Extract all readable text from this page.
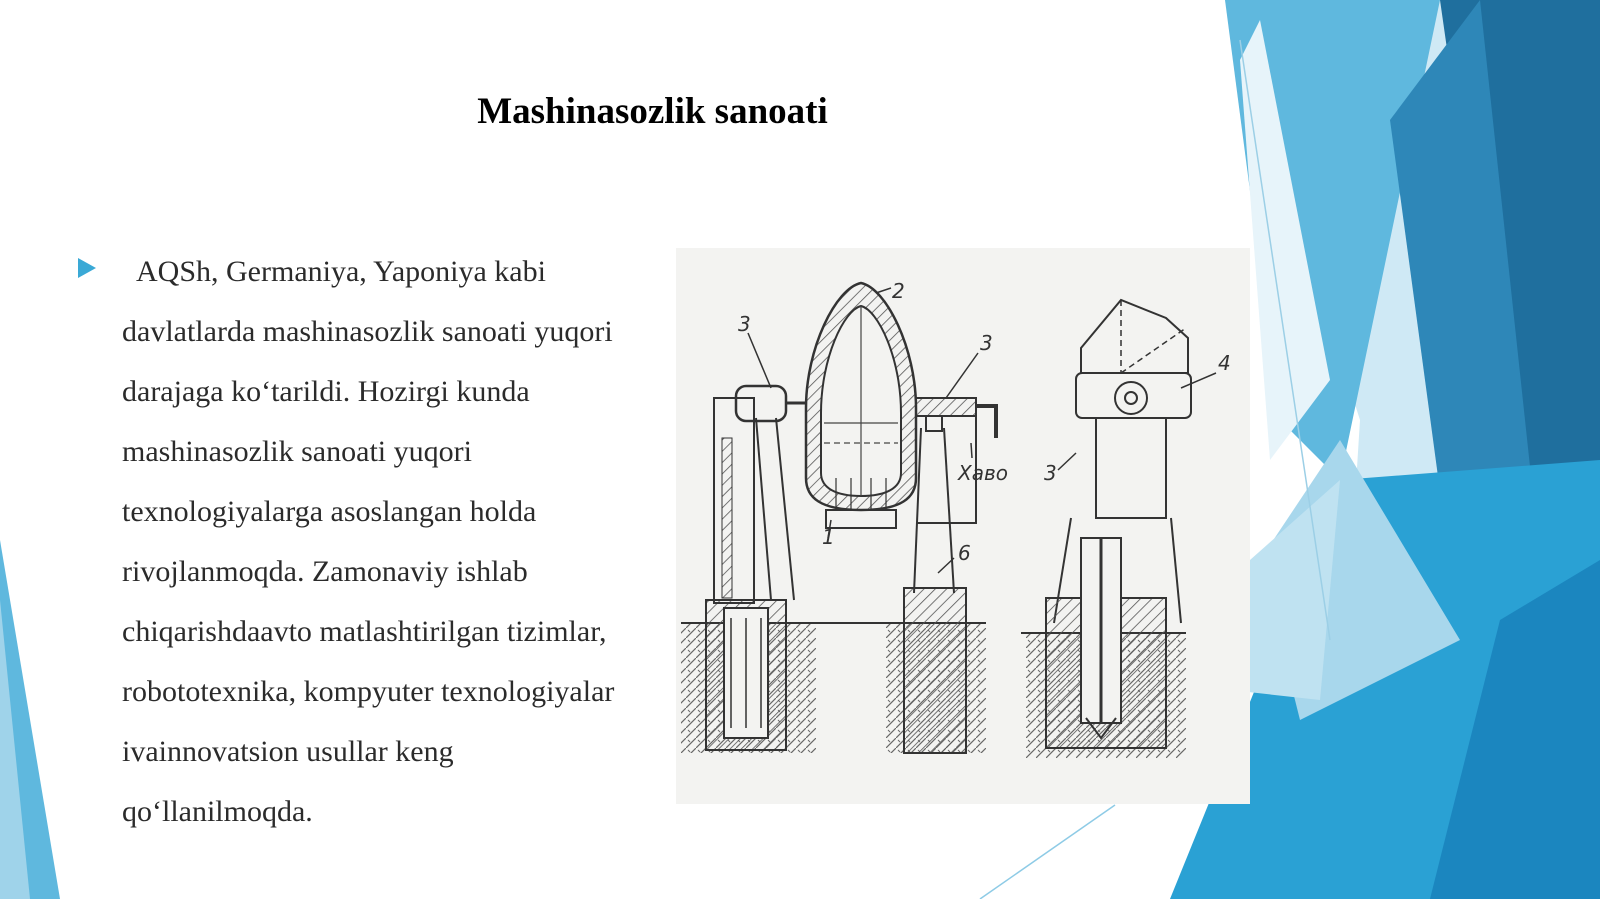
Mashinasozlik sanoati

AQSh, Germaniya, Yaponiya kabi davlatlarda mashinasozlik sanoati yuqori darajaga ko‘tarildi. Hozirgi kunda mashinasozlik sanoati yuqori texnologiyalarga asoslangan holda rivojlanmoqda. Zamonaviy ishlab chiqarishdaavto matlashtirilgan tizimlar, robototexnika, kompyuter texnologiyalar ivainnovatsion usullar keng qo‘llanilmoqda.

3
2
3
4
3
Xaвo
6
1
